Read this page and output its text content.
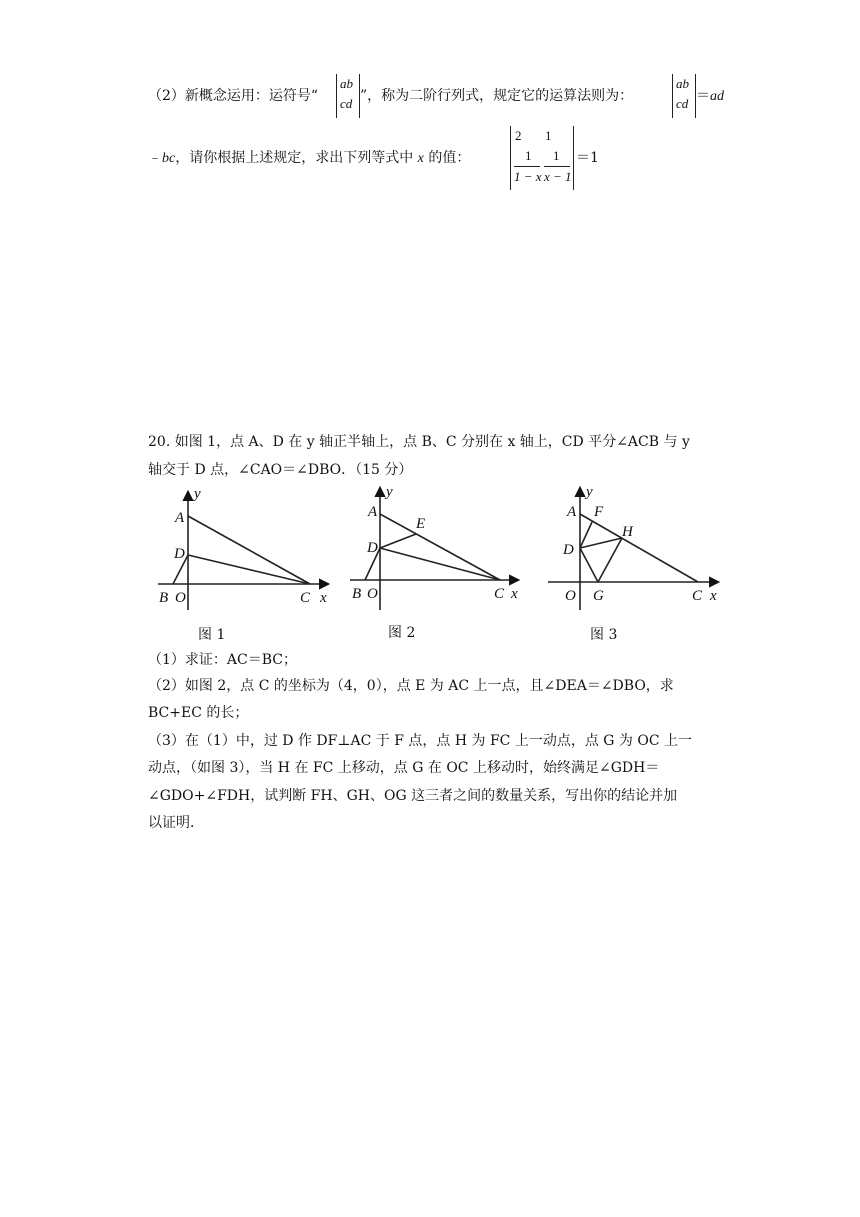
（2）新概念运用：运符号“
ab
cd ”，称为二阶行列式，规定它的运算法则为：
ab
cd ＝ad
﹣bc，请你根据上述规定，求出下列等式中 x 的值：
2 1
1
1 − x
1
x − 1
＝1
20. 如图 1，点 A、D 在 y 轴正半轴上，点 B、C 分别在 x 轴上，CD 平分∠ACB 与 y
轴交于 D 点，∠CAO＝∠DBO．（15 分）
y
A
D
B O	C x
y
A
E
D
B O	C x
y
A F
H
D
O G	C x
图 1	图 2	图 3
（1）求证：AC＝BC；
（2）如图 2，点 C 的坐标为（4，0），点 E 为 AC 上一点，且∠DEA＝∠DBO，求
BC+EC 的长；
（3）在（1）中，过 D 作 DF⊥AC 于 F 点，点 H 为 FC 上一动点，点 G 为 OC 上一
动点，（如图 3），当 H 在 FC 上移动，点 G 在 OC 上移动时，始终满足∠GDH＝
∠GDO+∠FDH，试判断 FH、GH、OG 这三者之间的数量关系，写出你的结论并加
以证明．
